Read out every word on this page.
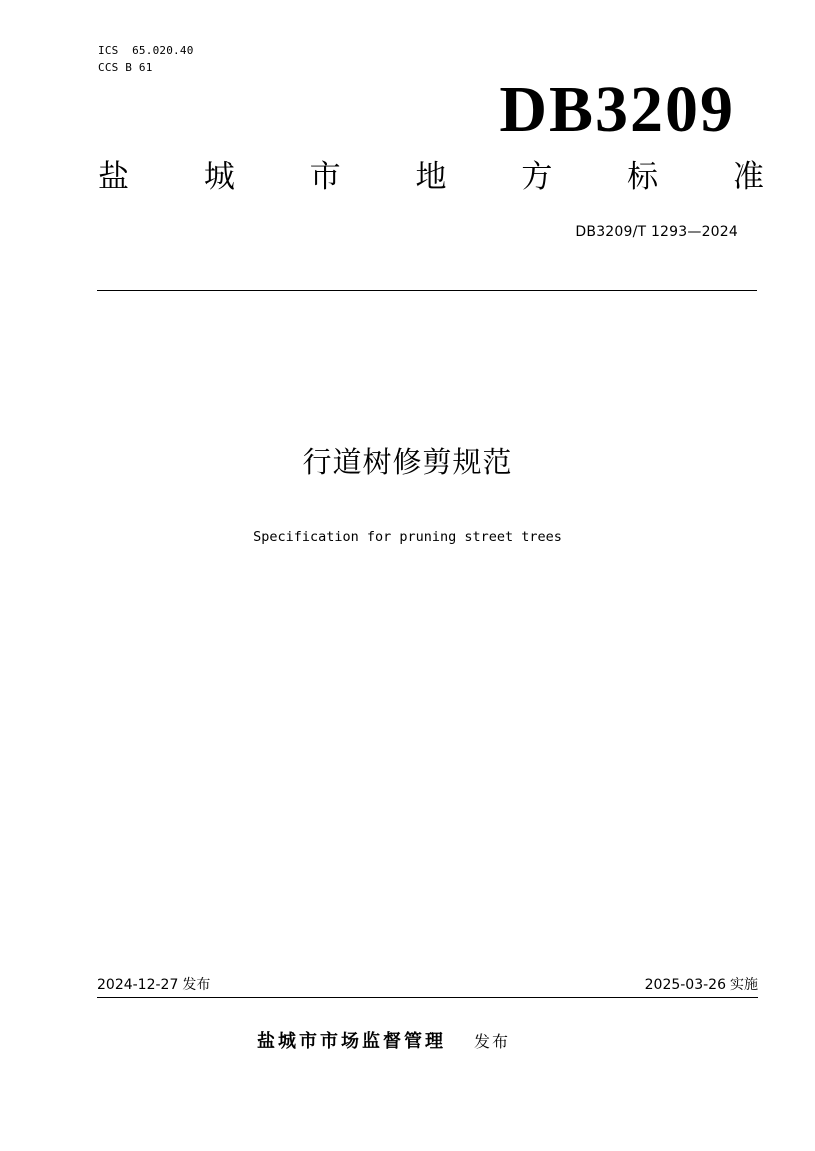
ICS  65.020.40
CCS B 61
DB3209
盐 城 市 地 方 标 准
DB3209/T 1293—2024
行道树修剪规范
Specification for pruning street trees
2024-12-27 发布	2025-03-26 实施
盐城市市场监督管理 发布
